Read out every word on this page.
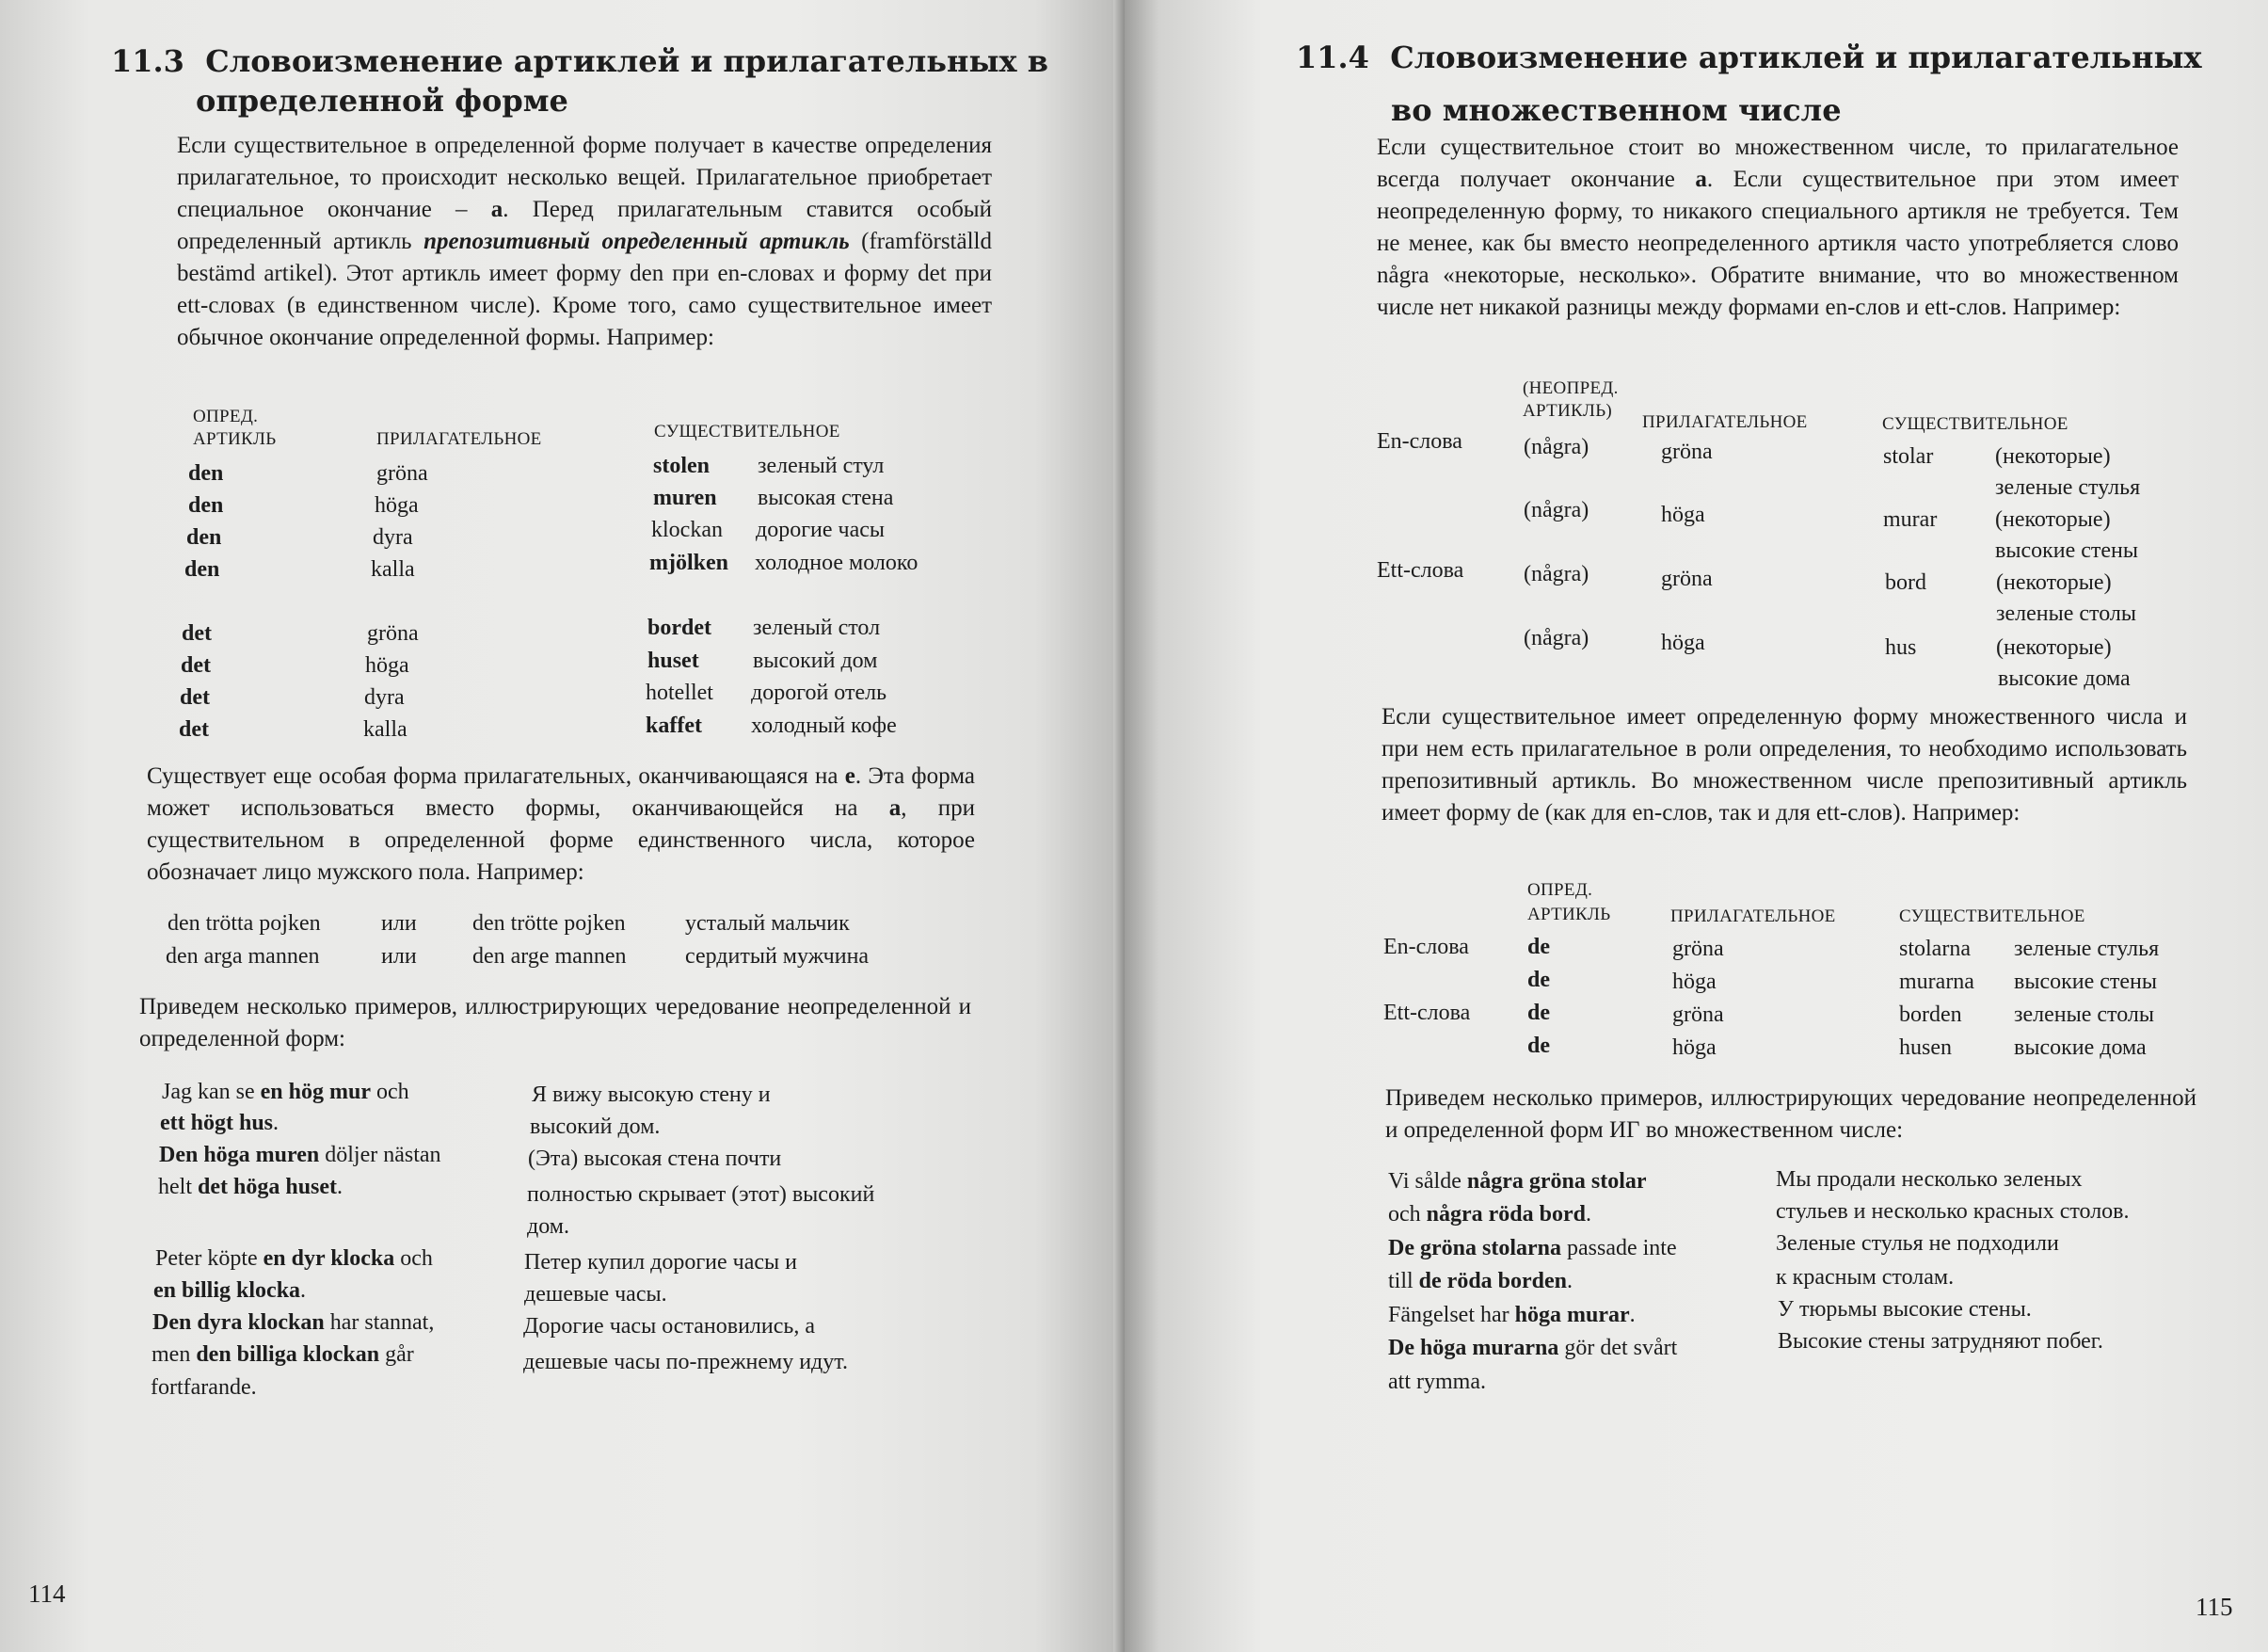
11.3 Словоизменение артиклей и прилагательных в
определенной форме
Если существительное в определенной форме получает в качестве определения прилагательное, то происходит несколько вещей. Прилагательное приобретает специальное окончание – а. Перед прилагательным ставится особый определенный артикль препозитивный определенный артикль (framförställd bestämd artikel). Этот артикль имеет форму den при en-словах и форму det при ett-словах (в единственном числе). Кроме того, само существительное имеет обычное окончание определенной формы. Например:
ОПРЕД.
АРТИКЛЬ	ПРИЛАГАТЕЛЬНОЕ	СУЩЕСТВИТЕЛЬНОЕ
den	gröna	stolen зеленый стул
den	höga	muren высокая стена
den	dyra	klockan дорогие часы
den	kalla	mjölken холодное молоко
det	gröna	bordet зеленый стол
det	höga	huset высокий дом
det	dyra	hotellet дорогой отель
det	kalla	kaffet холодный кофе
Существует еще особая форма прилагательных, оканчивающаяся на е. Эта форма может использоваться вместо формы, оканчивающейся на а, при существительном в определенной форме единственного числа, которое обозначает лицо мужского пола. Например:
den trötta pojken	или den trötte pojken	усталый мальчик
den arga mannen	или den arge mannen	сердитый мужчина
Приведем несколько примеров, иллюстрирующих чередование неопределенной и определенной форм:
Jag kan se en hög mur och
ett högt hus.
Den höga muren döljer nästan
helt det höga huset.
Я вижу высокую стену и
высокий дом.
(Эта) высокая стена почти
полностью скрывает (этот) высокий
дом.
Peter köpte en dyr klocka och
en billig klocka.
Den dyra klockan har stannat,
men den billiga klockan går
fortfarande.
Петер купил дорогие часы и
дешевые часы.
Дорогие часы остановились, а
дешевые часы по-прежнему идут.
114
11.4 Словоизменение артиклей и прилагательных
во множественном числе
Если существительное стоит во множественном числе, то прилагательное всегда получает окончание а. Если существительное при этом имеет неопределенную форму, то никакого специального артикля не требуется. Тем не менее, как бы вместо неопределенного артикля часто употребляется слово några «некоторые, несколько». Обратите внимание, что во множественном числе нет никакой разницы между формами en-слов и ett-слов. Например:
(НЕОПРЕД.
АРТИКЛЬ)
ПРИЛАГАТЕЛЬНОЕ	СУЩЕСТВИТЕЛЬНОЕ
En-слова	(några)	gröna	stolar	(некоторые)
зеленые стулья
(några)	höga	murar	(некоторые)
высокие стены
Ett-слова	(några)	gröna	bord	(некоторые)
зеленые столы
(några)	höga	hus	(некоторые)
высокие дома
Если существительное имеет определенную форму множественного числа и при нем есть прилагательное в роли определения, то необходимо использовать препозитивный артикль. Во множественном числе препозитивный артикль имеет форму de (как для en-слов, так и для ett-слов). Например:
ОПРЕД.
АРТИКЛЬ	ПРИЛАГАТЕЛЬНОЕ	СУЩЕСТВИТЕЛЬНОЕ
En-слова	de	gröna	stolarna зеленые стулья
de	höga	murarna высокие стены
Ett-слова	de	gröna	borden зеленые столы
de	höga	husen	высокие дома
Приведем несколько примеров, иллюстрирующих чередование неопределенной и определенной форм ИГ во множественном числе:
Vi sålde några gröna stolar
och några röda bord.
De gröna stolarna passade inte
till de röda borden.
Fängelset har höga murar.
De höga murarna gör det svårt
att rymma.
Мы продали несколько зеленых
стульев и несколько красных столов.
Зеленые стулья не подходили
к красным столам.
У тюрьмы высокие стены.
Высокие стены затрудняют побег.
115
